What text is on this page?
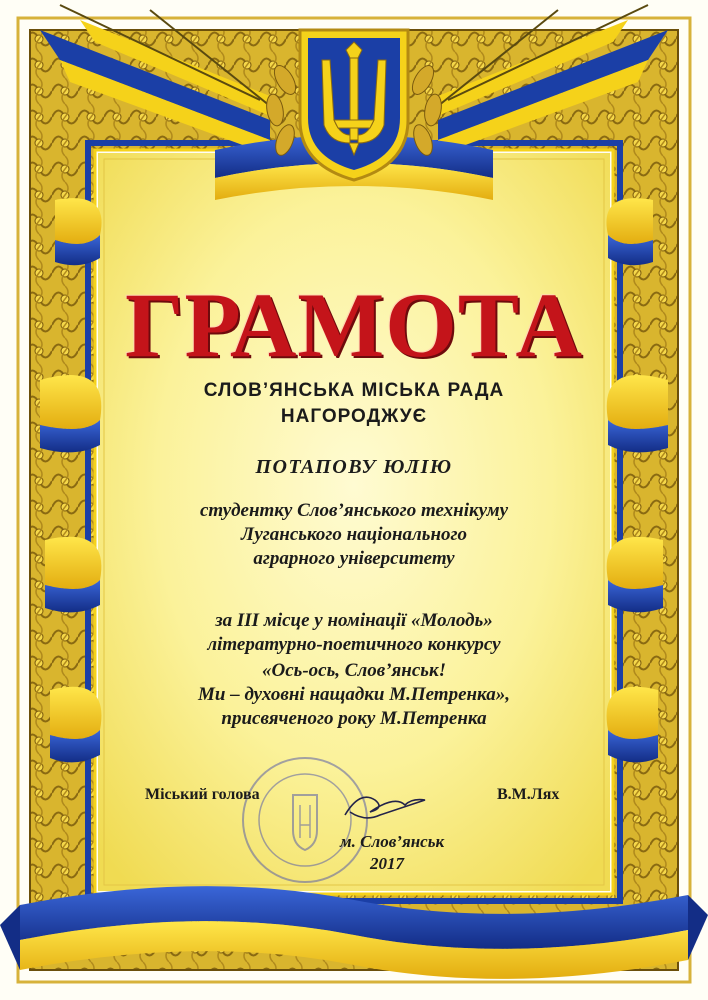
ГРАМОТА
СЛОВ’ЯНСЬКА МІСЬКА РАДА
НАГОРОДЖУЄ
ПОТАПОВУ ЮЛІЮ
студентку Слов’янського технікуму
Луганського національного
аграрного університету
за ІІІ місце у номінації «Молодь»
літературно-поетичного конкурсу
«Ось-ось, Слов’янськ!
Ми – духовні нащадки М.Петренка»,
присвяченого року М.Петренка
Міський голова	В.М.Ляx
м. Слов’янськ
2017
